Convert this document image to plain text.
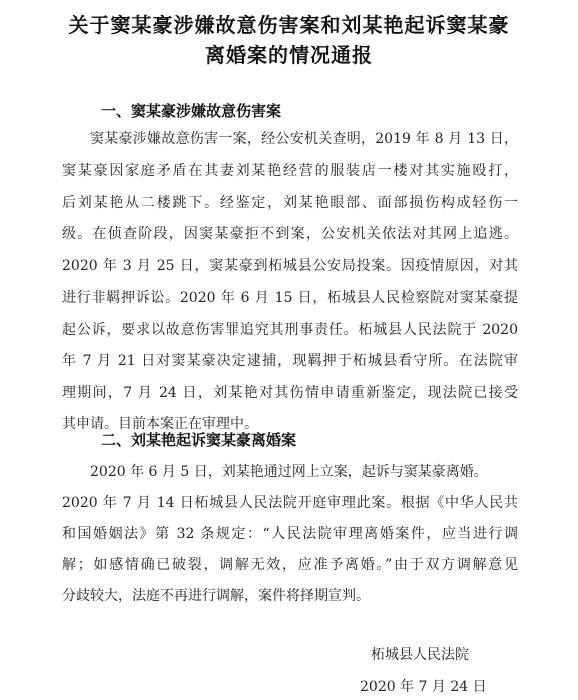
关于窦某豪涉嫌故意伤害案和刘某艳起诉窦某豪
离婚案的情况通报
一、窦某豪涉嫌故意伤害案
窦某豪涉嫌故意伤害一案，经公安机关查明，2019 年 8 月 13 日，
窦某豪因家庭矛盾在其妻刘某艳经营的服装店一楼对其实施殴打，
后刘某艳从二楼跳下。经鉴定，刘某艳眼部、面部损伤构成轻伤一
级。在侦查阶段，因窦某豪拒不到案，公安机关依法对其网上追逃。
2020 年 3 月 25 日，窦某豪到柘城县公安局投案。因疫情原因，对其
进行非羁押诉讼。2020 年 6 月 15 日，柘城县人民检察院对窦某豪提
起公诉，要求以故意伤害罪追究其刑事责任。柘城县人民法院于 2020
年 7 月 21 日对窦某豪决定逮捕，现羁押于柘城县看守所。在法院审
理期间，7 月 24 日，刘某艳对其伤情申请重新鉴定，现法院已接受
其申请。目前本案正在审理中。
二、刘某艳起诉窦某豪离婚案
2020 年 6 月 5 日，刘某艳通过网上立案，起诉与窦某豪离婚。
2020 年 7 月 14 日柘城县人民法院开庭审理此案。根据《中华人民共
和国婚姻法》第 32 条规定：“人民法院审理离婚案件，应当进行调
解；如感情确已破裂，调解无效，应准予离婚。”由于双方调解意见
分歧较大，法庭不再进行调解，案件将择期宣判。
柘城县人民法院
2020 年 7 月 24 日
